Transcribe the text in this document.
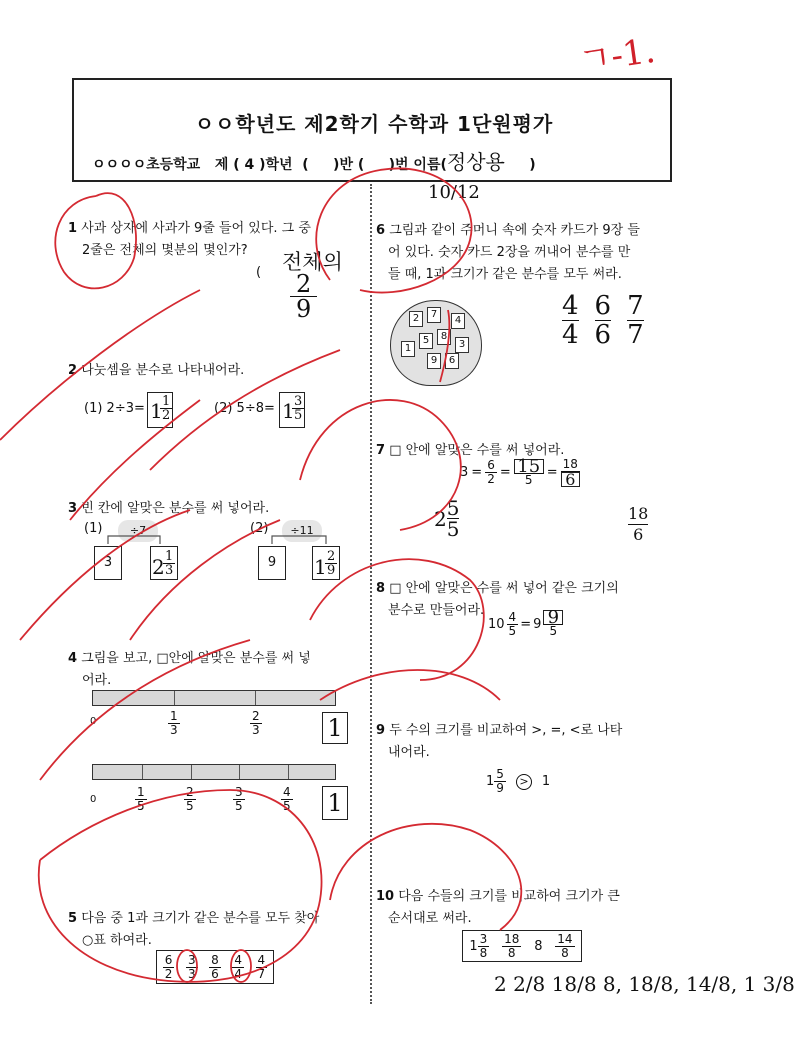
ㄱ-1.
ㅇㅇ학년도 제2학기 수학과 1단원평가
ㅇㅇㅇㅇ초등학교   제 ( 4 )학년  (     )반 (     )번 이름(정상용 )
10/12
1 사과 상자에 사과가 9줄 들어 있다. 그 중
2줄은 전체의 몇분의 몇인가?
( 전체의
2
9
2 나눗셈을 분수로 나타내어라.
(1) 2÷3= 1
$\frac{1}{2}$	(2) 5÷8= 1
$\frac{3}{5}$
3 빈 칸에 알맞은 분수를 써 넣어라.
(1)	÷7
3	2
$\frac{1}{3}$
(2)	÷11
9	1
$\frac{2}{9}$
4 그림을 보고, □안에 알맞은 분수를 써 넣
어라.
0	$\frac{1}{3}$	$\frac{2}{3}$	1
0	$\frac{1}{5}$	$\frac{2}{5}$	$\frac{3}{5}$	$\frac{4}{5} 1$
5 다음 중 1과 크기가 같은 분수를 모두 찾아
○표 하여라.
$\frac{6}{2} \frac{3}{3} \frac{8}{6} \frac{4}{4} \frac{4}{7}$
6 그림과 같이 주머니 속에 숫자 카드가 9장 들
어 있다. 숫자 카드 2장을 꺼내어 분수를 만
들 때, 1과 크기가 같은 분수를 모두 써라.
7
2	4
5	8
3
9	6
1
4
4
6
6
7
7
7 □ 안에 알맞은 수를 써 넣어라.
$3 = \frac{6}{2} = \frac{15}{5} = \frac{18}{6}$
2 5
5
18
6
8 □ 안에 알맞은 수를 써 넣어 같은 크기의
분수로 만들어라.
$10 \frac{4}{5} = 9 \frac{9}{5}$
9 두 수의 크기를 비교하여 >, =, <로 나타
내어라.
$1 \frac{5}{9}$	> 1
10 다음 수들의 크기를 비교하여 크기가 큰
순서대로 써라.
$1 \frac{3}{8} \frac{18}{8} 8 \frac{14}{8}$
2 2/8 18/8 8, 18/8, 14/8, 1 3/8
